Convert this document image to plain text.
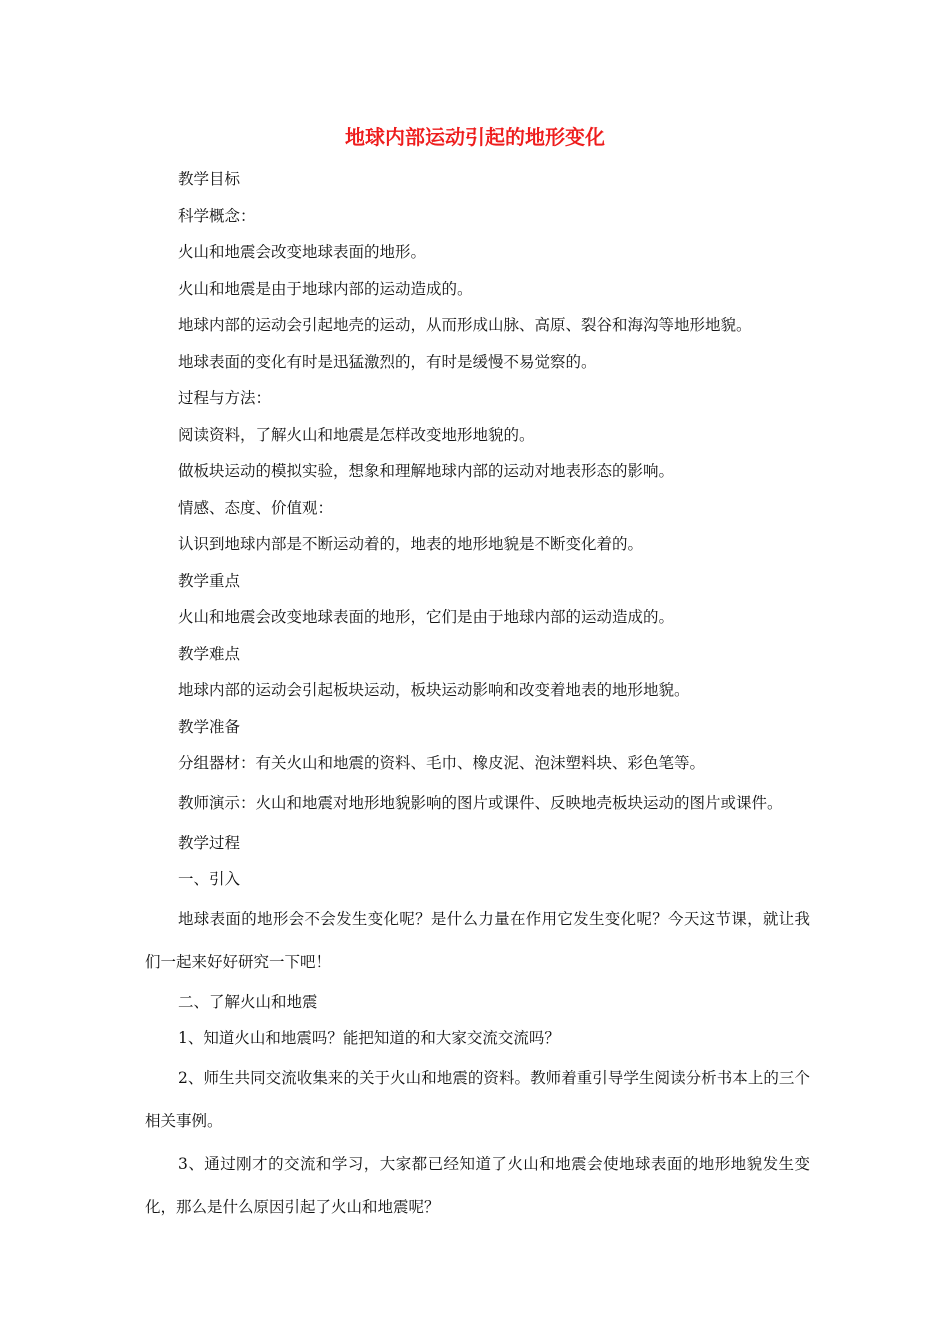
地球内部运动引起的地形变化

教学目标

科学概念：

火山和地震会改变地球表面的地形。

火山和地震是由于地球内部的运动造成的。

地球内部的运动会引起地壳的运动，从而形成山脉、高原、裂谷和海沟等地形地貌。

地球表面的变化有时是迅猛激烈的，有时是缓慢不易觉察的。

过程与方法：

阅读资料，了解火山和地震是怎样改变地形地貌的。

做板块运动的模拟实验，想象和理解地球内部的运动对地表形态的影响。

情感、态度、价值观：

认识到地球内部是不断运动着的，地表的地形地貌是不断变化着的。

教学重点

火山和地震会改变地球表面的地形，它们是由于地球内部的运动造成的。

教学难点

地球内部的运动会引起板块运动，板块运动影响和改变着地表的地形地貌。

教学准备

分组器材：有关火山和地震的资料、毛巾、橡皮泥、泡沫塑料块、彩色笔等。

教师演示：火山和地震对地形地貌影响的图片或课件、反映地壳板块运动的图片或课件。

教学过程

一、引入

地球表面的地形会不会发生变化呢？是什么力量在作用它发生变化呢？今天这节课，就让我们一起来好好研究一下吧！

二、了解火山和地震

1、知道火山和地震吗？能把知道的和大家交流交流吗？

2、师生共同交流收集来的关于火山和地震的资料。教师着重引导学生阅读分析书本上的三个相关事例。

3、通过刚才的交流和学习，大家都已经知道了火山和地震会使地球表面的地形地貌发生变化，那么是什么原因引起了火山和地震呢？
